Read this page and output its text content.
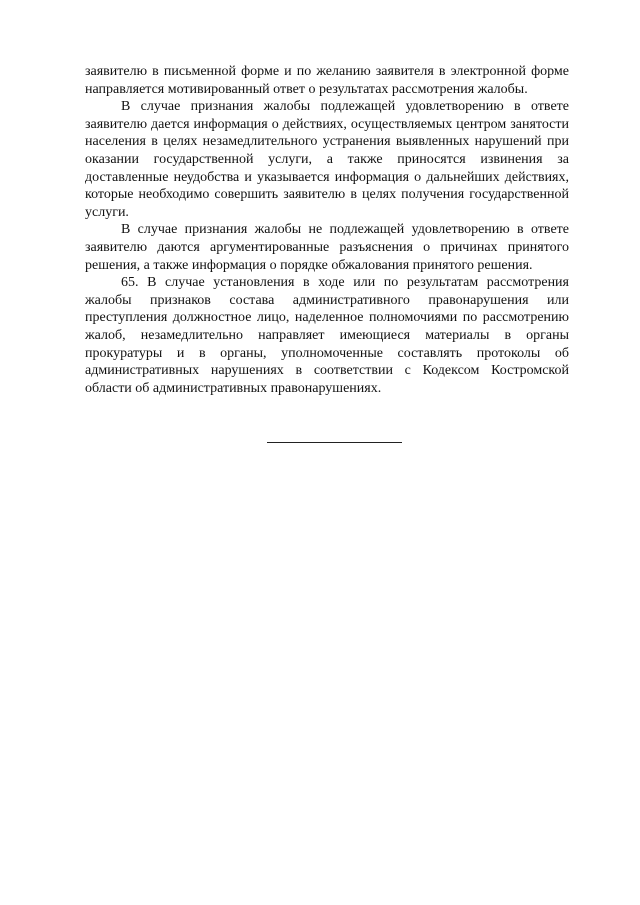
заявителю в письменной форме и по желанию заявителя в электронной форме направляется мотивированный ответ о результатах рассмотрения жалобы.

В случае признания жалобы подлежащей удовлетворению в ответе заявителю дается информация о действиях, осуществляемых центром занятости населения в целях незамедлительного устранения выявленных нарушений при оказании государственной услуги, а также приносятся извинения за доставленные неудобства и указывается информация о дальнейших действиях, которые необходимо совершить заявителю в целях получения государственной услуги.

В случае признания жалобы не подлежащей удовлетворению в ответе заявителю даются аргументированные разъяснения о причинах принятого решения, а также информация о порядке обжалования принятого решения.

65. В случае установления в ходе или по результатам рассмотрения жалобы признаков состава административного правонарушения или преступления должностное лицо, наделенное полномочиями по рассмотрению жалоб, незамедлительно направляет имеющиеся материалы в органы прокуратуры и в органы, уполномоченные составлять протоколы об административных нарушениях в соответствии с Кодексом Костромской области об административных правонарушениях.
